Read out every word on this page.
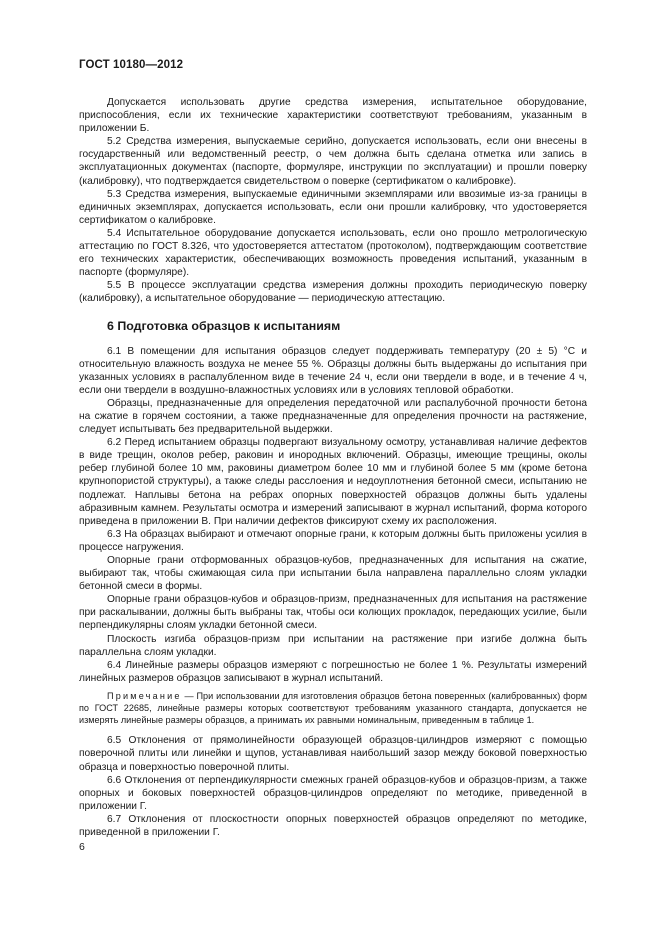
ГОСТ 10180—2012

Допускается использовать другие средства измерения, испытательное оборудование, приспособления, если их технические характеристики соответствуют требованиям, указанным в приложении Б.

5.2 Средства измерения, выпускаемые серийно, допускается использовать, если они внесены в государственный или ведомственный реестр, о чем должна быть сделана отметка или запись в эксплуатационных документах (паспорте, формуляре, инструкции по эксплуатации) и прошли поверку (калибровку), что подтверждается свидетельством о поверке (сертификатом о калибровке).

5.3 Средства измерения, выпускаемые единичными экземплярами или ввозимые из-за границы в единичных экземплярах, допускается использовать, если они прошли калибровку, что удостоверяется сертификатом о калибровке.

5.4 Испытательное оборудование допускается использовать, если оно прошло метрологическую аттестацию по ГОСТ 8.326, что удостоверяется аттестатом (протоколом), подтверждающим соответствие его технических характеристик, обеспечивающих возможность проведения испытаний, указанным в паспорте (формуляре).

5.5 В процессе эксплуатации средства измерения должны проходить периодическую поверку (калибровку), а испытательное оборудование — периодическую аттестацию.

6 Подготовка образцов к испытаниям

6.1 В помещении для испытания образцов следует поддерживать температуру (20 ± 5) °С и относительную влажность воздуха не менее 55 %. Образцы должны быть выдержаны до испытания при указанных условиях в распалубленном виде в течение 24 ч, если они твердели в воде, и в течение 4 ч, если они твердели в воздушно-влажностных условиях или в условиях тепловой обработки.

Образцы, предназначенные для определения передаточной или распалубочной прочности бетона на сжатие в горячем состоянии, а также предназначенные для определения прочности на растяжение, следует испытывать без предварительной выдержки.

6.2 Перед испытанием образцы подвергают визуальному осмотру, устанавливая наличие дефектов в виде трещин, околов ребер, раковин и инородных включений. Образцы, имеющие трещины, околы ребер глубиной более 10 мм, раковины диаметром более 10 мм и глубиной более 5 мм (кроме бетона крупнопористой структуры), а также следы расслоения и недоуплотнения бетонной смеси, испытанию не подлежат. Наплывы бетона на ребрах опорных поверхностей образцов должны быть удалены абразивным камнем. Результаты осмотра и измерений записывают в журнал испытаний, форма которого приведена в приложении В. При наличии дефектов фиксируют схему их расположения.

6.3 На образцах выбирают и отмечают опорные грани, к которым должны быть приложены усилия в процессе нагружения.

Опорные грани отформованных образцов-кубов, предназначенных для испытания на сжатие, выбирают так, чтобы сжимающая сила при испытании была направлена параллельно слоям укладки бетонной смеси в формы.

Опорные грани образцов-кубов и образцов-призм, предназначенных для испытания на растяжение при раскалывании, должны быть выбраны так, чтобы оси колющих прокладок, передающих усилие, были перпендикулярны слоям укладки бетонной смеси.

Плоскость изгиба образцов-призм при испытании на растяжение при изгибе должна быть параллельна слоям укладки.

6.4 Линейные размеры образцов измеряют с погрешностью не более 1 %. Результаты измерений линейных размеров образцов записывают в журнал испытаний.

Примечание — При использовании для изготовления образцов бетона поверенных (калиброванных) форм по ГОСТ 22685, линейные размеры которых соответствуют требованиям указанного стандарта, допускается не измерять линейные размеры образцов, а принимать их равными номинальным, приведенным в таблице 1.

6.5 Отклонения от прямолинейности образующей образцов-цилиндров измеряют с помощью поверочной плиты или линейки и щупов, устанавливая наибольший зазор между боковой поверхностью образца и поверхностью поверочной плиты.

6.6 Отклонения от перпендикулярности смежных граней образцов-кубов и образцов-призм, а также опорных и боковых поверхностей образцов-цилиндров определяют по методике, приведенной в приложении Г.

6.7 Отклонения от плоскостности опорных поверхностей образцов определяют по методике, приведенной в приложении Г.

6
